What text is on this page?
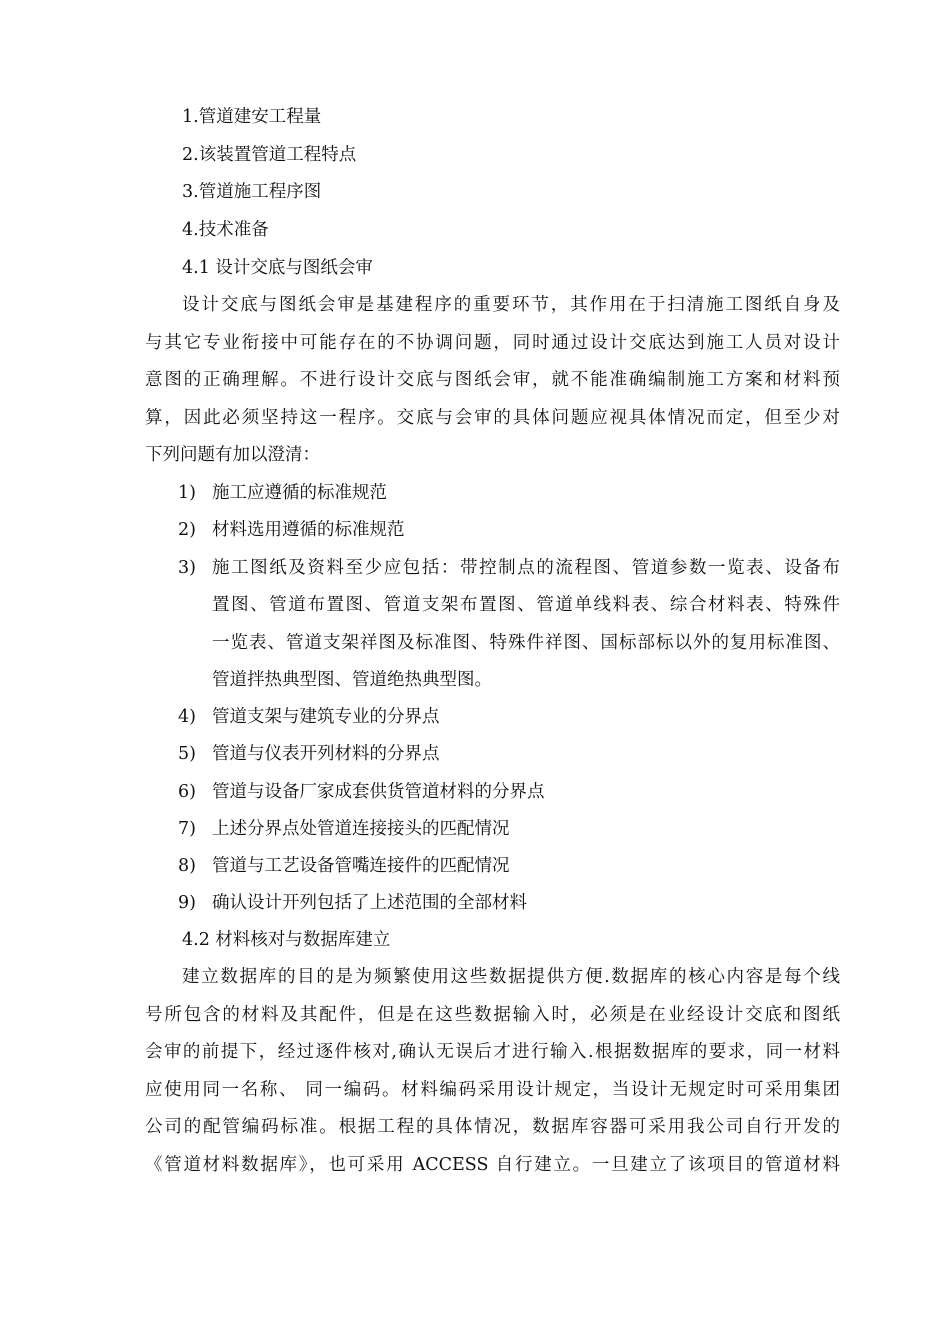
1.管道建安工程量
2.该装置管道工程特点
3.管道施工程序图
4.技术准备
4.1 设计交底与图纸会审
设计交底与图纸会审是基建程序的重要环节，其作用在于扫清施工图纸自身及
与其它专业衔接中可能存在的不协调问题，同时通过设计交底达到施工人员对设计
意图的正确理解。不进行设计交底与图纸会审，就不能准确编制施工方案和材料预
算，因此必须坚持这一程序。交底与会审的具体问题应视具体情况而定，但至少对
下列问题有加以澄清：
1) 施工应遵循的标准规范
2) 材料选用遵循的标准规范
3) 施工图纸及资料至少应包括：带控制点的流程图、管道参数一览表、设备布
置图、管道布置图、管道支架布置图、管道单线料表、综合材料表、特殊件
一览表、管道支架祥图及标准图、特殊件祥图、国标部标以外的复用标准图、
管道拌热典型图、管道绝热典型图。
4) 管道支架与建筑专业的分界点
5) 管道与仪表开列材料的分界点
6) 管道与设备厂家成套供货管道材料的分界点
7) 上述分界点处管道连接接头的匹配情况
8) 管道与工艺设备管嘴连接件的匹配情况
9) 确认设计开列包括了上述范围的全部材料
4.2 材料核对与数据库建立
建立数据库的目的是为频繁使用这些数据提供方便.数据库的核心内容是每个线
号所包含的材料及其配件，但是在这些数据输入时，必须是在业经设计交底和图纸
会审的前提下，经过逐件核对,确认无误后才进行输入.根据数据库的要求，同一材料
应使用同一名称、 同一编码。材料编码采用设计规定，当设计无规定时可采用集团
公司的配管编码标准。根据工程的具体情况，数据库容器可采用我公司自行开发的
《管道材料数据库》，也可采用 ACCESS 自行建立。一旦建立了该项目的管道材料
